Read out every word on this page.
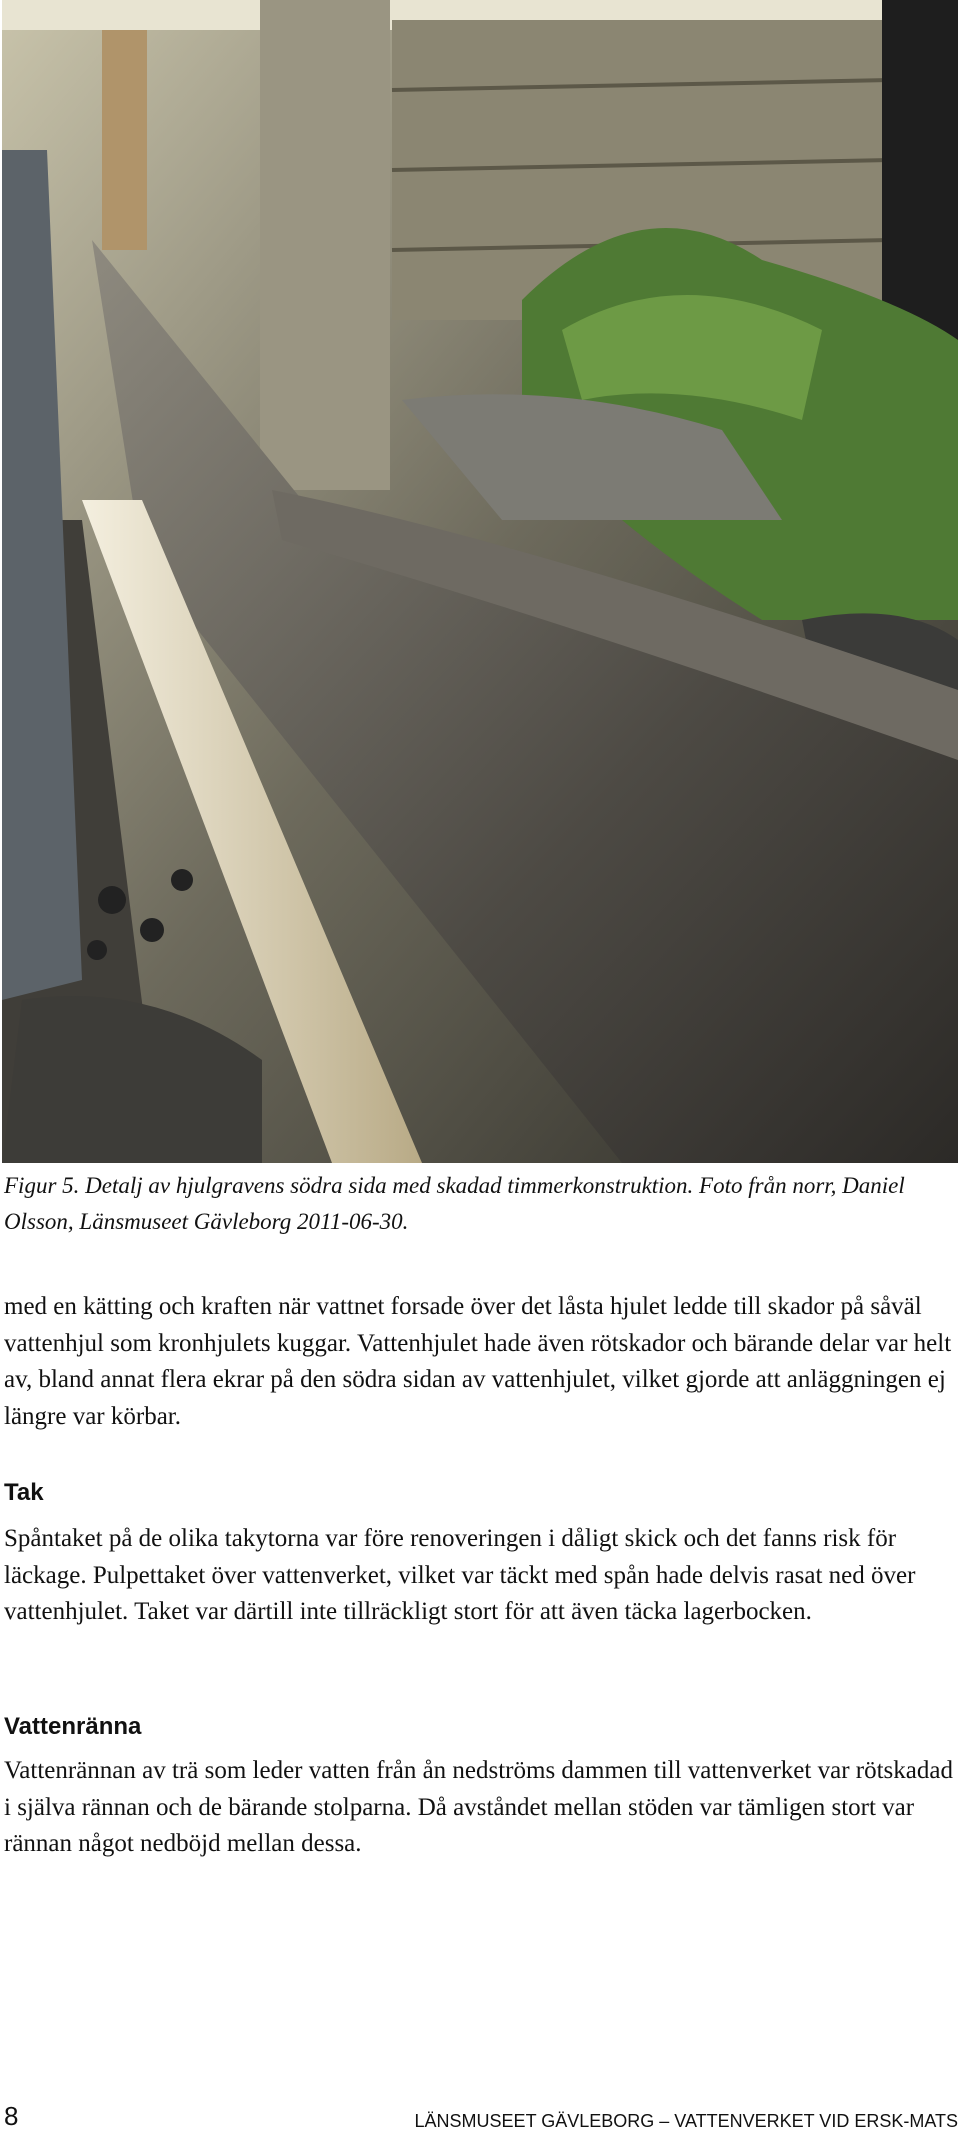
Figur 5. Detalj av hjulgravens södra sida med skadad timmerkonstruktion. Foto från norr, Daniel Olsson, Länsmuseet Gävleborg 2011-06-30.
med en kätting och kraften när vattnet forsade över det låsta hjulet ledde till skador på såväl vattenhjul som kronhjulets kuggar. Vattenhjulet hade även rötskador och bärande delar var helt av, bland annat flera ekrar på den södra sidan av vattenhjulet, vilket gjorde att anläggningen ej längre var körbar.
Tak
Spåntaket på de olika takytorna var före renoveringen i dåligt skick och det fanns risk för läckage. Pulpettaket över vattenverket, vilket var täckt med spån hade delvis rasat ned över vattenhjulet. Taket var därtill inte tillräckligt stort för att även täcka lagerbocken.
Vattenränna
Vattenrännan av trä som leder vatten från ån nedströms dammen till vattenverket var rötskadad i själva rännan och de bärande stolparna. Då avståndet mellan stöden var tämligen stort var rännan något nedböjd mellan dessa.
8	LÄNSMUSEET GÄVLEBORG – VATTENVERKET VID ERSK-MATS
